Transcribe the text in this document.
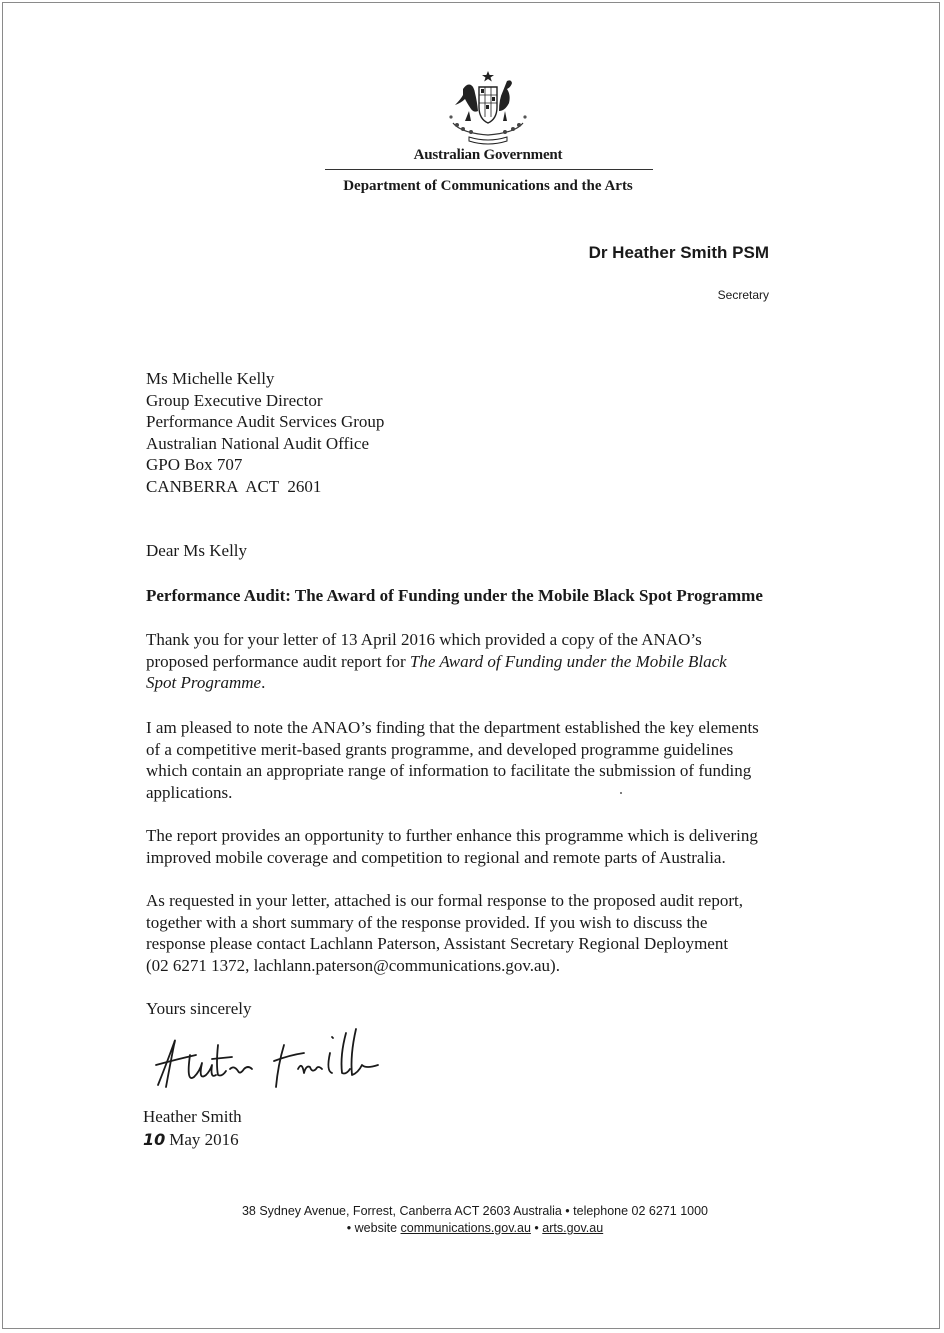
Australian Government
Department of Communications and the Arts
Dr Heather Smith PSM
Secretary
Ms Michelle Kelly
Group Executive Director
Performance Audit Services Group
Australian National Audit Office
GPO Box 707
CANBERRA  ACT  2601
Dear Ms Kelly
Performance Audit: The Award of Funding under the Mobile Black Spot Programme
Thank you for your letter of 13 April 2016 which provided a copy of the ANAO’s
proposed performance audit report for The Award of Funding under the Mobile Black
Spot Programme.
I am pleased to note the ANAO’s finding that the department established the key elements
of a competitive merit-based grants programme, and developed programme guidelines
which contain an appropriate range of information to facilitate the submission of funding
applications.
The report provides an opportunity to further enhance this programme which is delivering
improved mobile coverage and competition to regional and remote parts of Australia.
As requested in your letter, attached is our formal response to the proposed audit report,
together with a short summary of the response provided. If you wish to discuss the
response please contact Lachlann Paterson, Assistant Secretary Regional Deployment
(02 6271 1372, lachlann.paterson@communications.gov.au).
Yours sincerely
Heather Smith
10 May 2016
38 Sydney Avenue, Forrest, Canberra ACT 2603 Australia • telephone 02 6271 1000
• website communications.gov.au • arts.gov.au
